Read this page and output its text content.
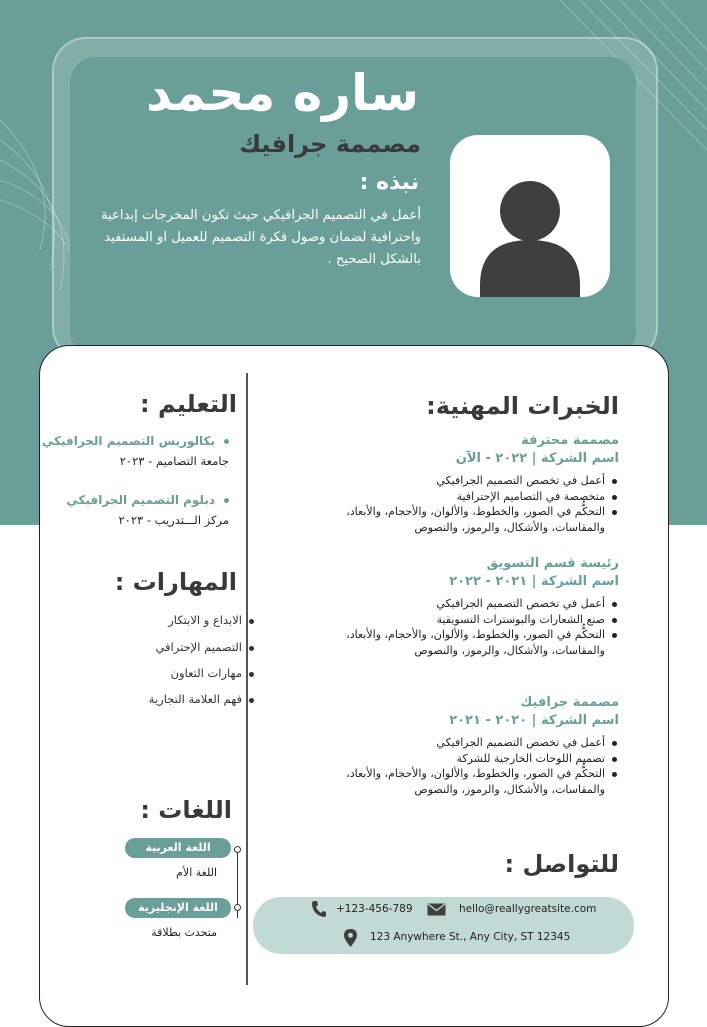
ساره محمد
مصممة جرافيك
نبذه :
أعمل في التصميم الجرافيكي حيث تكون المخرجات إبداعية واحترافية لضمان وصول فكرة التصميم للعميل او المستفيد بالشكل الصحيح .
الخبرات المهنية:
مصممة محترفة
اسم الشركة | ٢٠٢٢ - الآن
أعمل في تخصص التصميم الجرافيكي
متخصصة في التصاميم الإحترافية
التحكُّم في الصور، والخطوط، والألوان، والأحجام، والأبعاد، والمقاسات، والأشكال، والرموز، والنصوص
رئيسة قسم التسويق
اسم الشركة | ٢٠٢١ - ٢٠٢٢
أعمل في تخصص التصميم الجرافيكي
صنع الشعارات والبوسترات التسويقية
التحكُّم في الصور، والخطوط، والألوان، والأحجام، والأبعاد، والمقاسات، والأشكال، والرموز، والنصوص
مصممة جرافيك
اسم الشركة | ٢٠٢٠ - ٢٠٢١
أعمل في تخصص التصميم الجرافيكي
تصميم اللوحات الخارجية للشركة
التحكُّم في الصور، والخطوط، والألوان، والأحجام، والأبعاد، والمقاسات، والأشكال، والرموز، والنصوص
التعليم :
بكالوريس التصميم الجرافيكي
جامعة التصاميم - ٢٠٢٣
دبلوم التصميم الجرافيكي
مركز الـــتدريب - ٢٠٢٣
المهارات :
الابداع و الابتكار
التصميم الإحترافي
مهارات التعاون
فهم العلامة التجارية
اللغات :
اللغة العربية
اللغة الأم
اللغة الإنجليزية
متحدث بطلاقة
للتواصل :
+123-456-789	hello@reallygreatsite.com
123 Anywhere St., Any City, ST 12345
